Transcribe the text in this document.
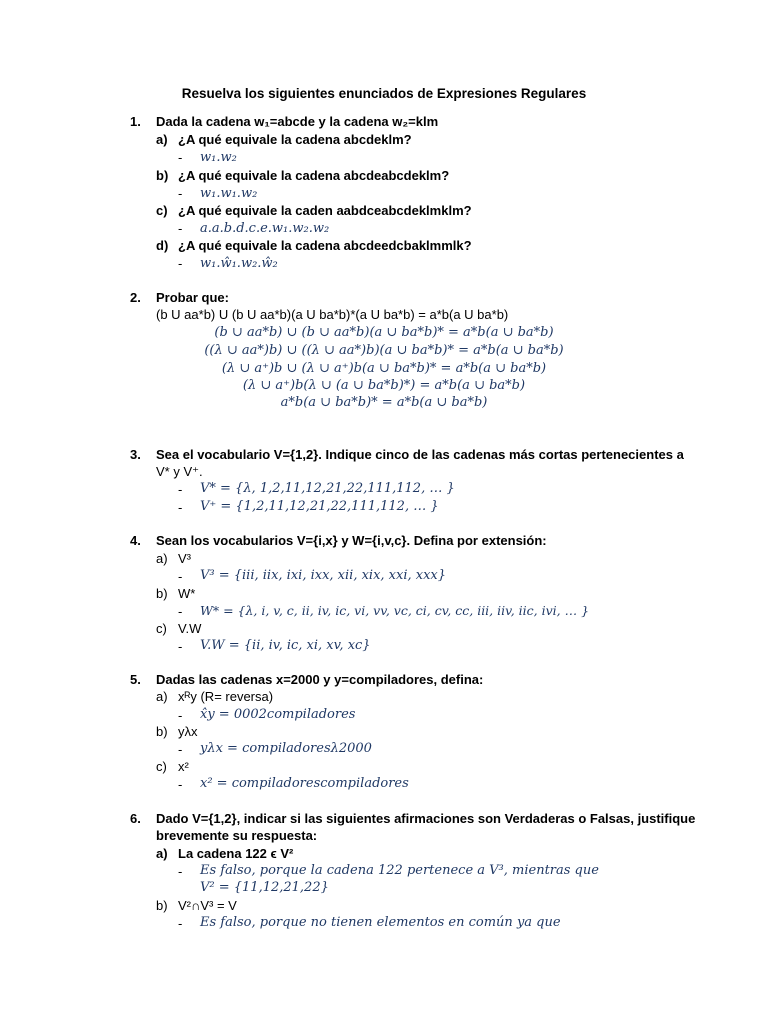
Resuelva los siguientes enunciados de Expresiones Regulares
1. Dada la cadena w₁=abcde y la cadena w₂=klm
a) ¿A qué equivale la cadena abcdeklm?
- w₁.w₂
b) ¿A qué equivale la cadena abcdeabcdeklm?
- w₁.w₁.w₂
c) ¿A qué equivale la caden aabdceabcdeklmklm?
- a.a.b.d.c.e.w₁.w₂.w₂
d) ¿A qué equivale la cadena abcdeedcbaklmmlk?
- w₁.ŵ₁.w₂.ŵ₂
2. Probar que:
(b U aa*b) U (b U aa*b)(a U ba*b)*(a U ba*b) = a*b(a U ba*b)
(b ∪ aa*b) ∪ (b ∪ aa*b)(a ∪ ba*b)* = a*b(a ∪ ba*b)
((λ ∪ aa*)b) ∪ ((λ ∪ aa*)b)(a ∪ ba*b)* = a*b(a ∪ ba*b)
(λ ∪ a⁺)b ∪ (λ ∪ a⁺)b(a ∪ ba*b)* = a*b(a ∪ ba*b)
(λ ∪ a⁺)b(λ ∪ (a ∪ ba*b)*) = a*b(a ∪ ba*b)
a*b(a ∪ ba*b)* = a*b(a ∪ ba*b)
3. Sea el vocabulario V={1,2}. Indique cinco de las cadenas más cortas pertenecientes a
V* y V⁺.
- V* = {λ, 1,2,11,12,21,22,111,112, … }
- V⁺ = {1,2,11,12,21,22,111,112, … }
4. Sean los vocabularios V={i,x} y W={i,v,c}. Defina por extensión:
a) V³
- V³ = {iii, iix, ixi, ixx, xii, xix, xxi, xxx}
b) W*
- W* = {λ, i, v, c, ii, iv, ic, vi, vv, vc, ci, cv, cc, iii, iiv, iic, ivi, … }
c) V.W
- V.W = {ii, iv, ic, xi, xv, xc}
5. Dadas las cadenas x=2000 y y=compiladores, defina:
a) xᴿy (R= reversa)
- x̂y = 0002compiladores
b) yλx
- yλx = compiladoresλ2000
c) x²
- x² = compiladorescompiladores
6. Dado V={1,2}, indicar si las siguientes afirmaciones son Verdaderas o Falsas, justifique
brevemente su respuesta:
a) La cadena 122 ϵ V²
- Es falso, porque la cadena 122 pertenece a V³, mientras que
V² = {11,12,21,22}
b) V²∩V³ = V
- Es falso, porque no tienen elementos en común ya que
